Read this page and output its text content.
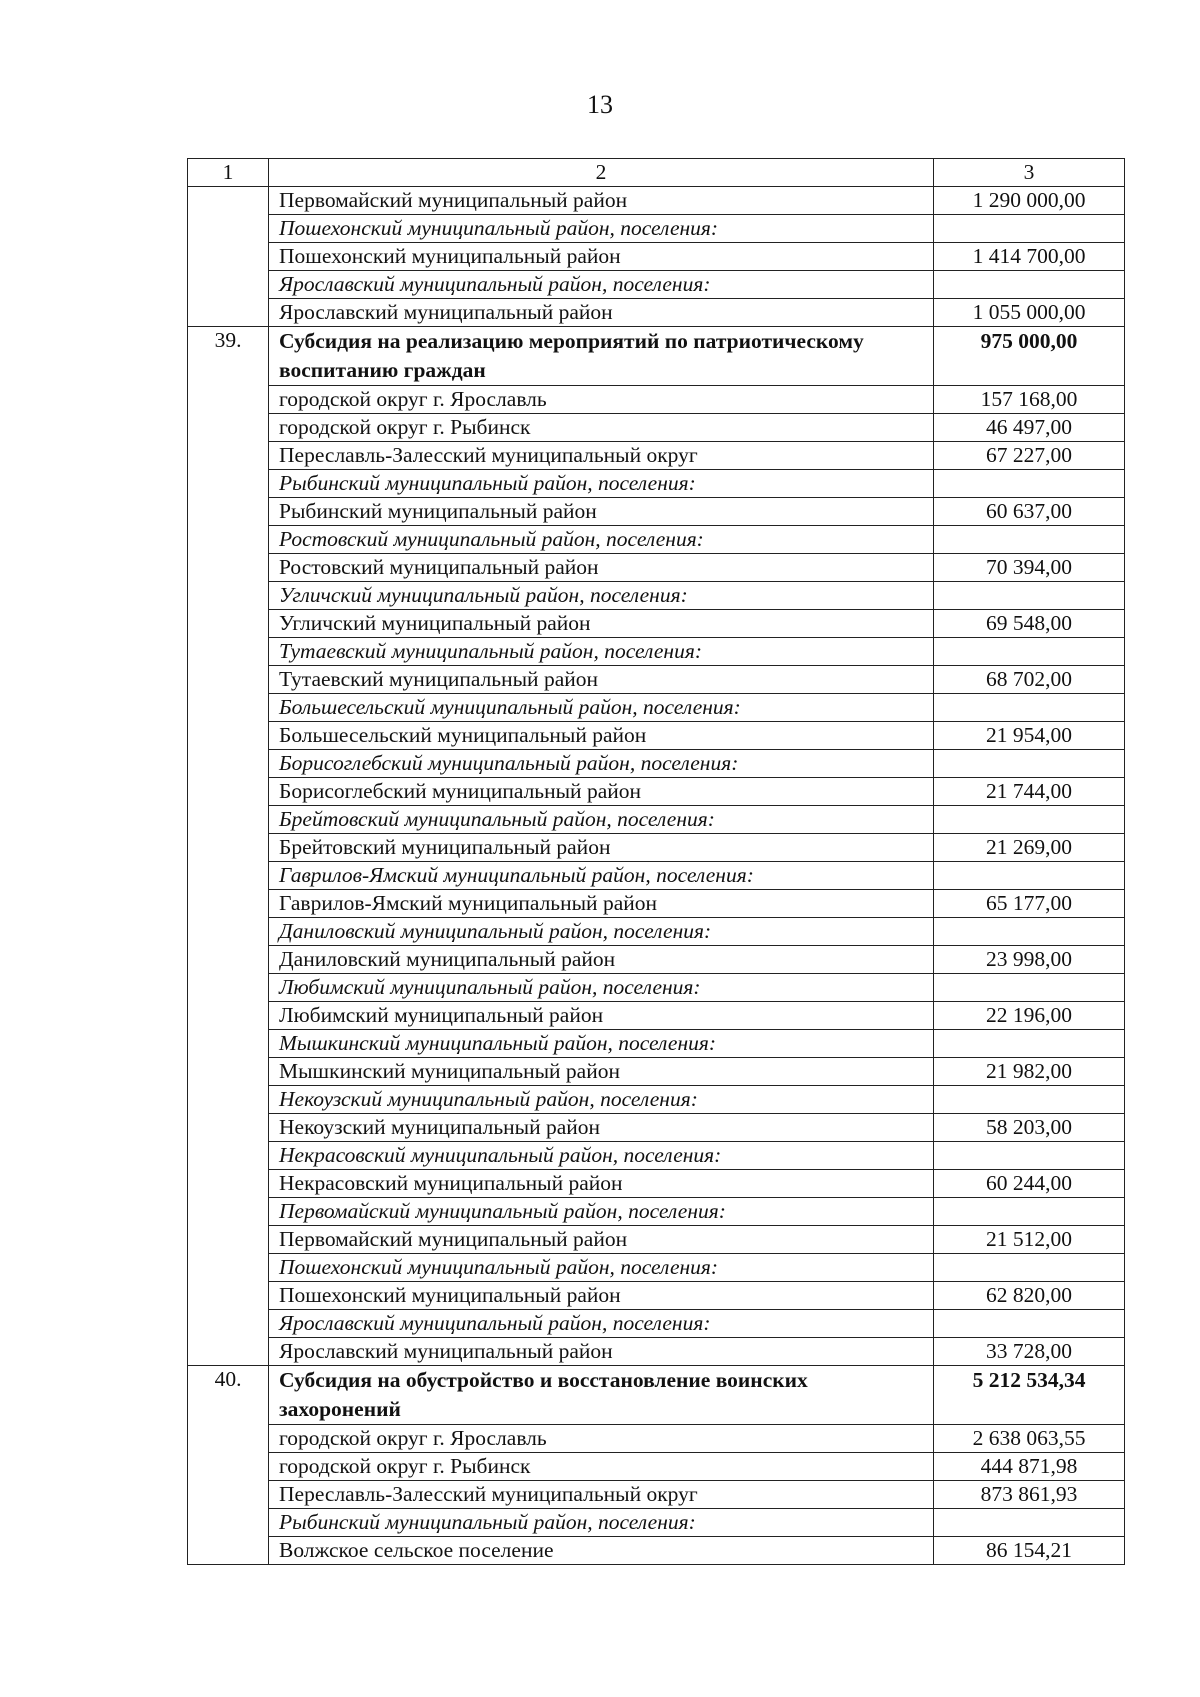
13
1	2	3
	Первомайский муниципальный район	1 290 000,00
	Пошехонский муниципальный район, поселения:	
	Пошехонский муниципальный район	1 414 700,00
	Ярославский муниципальный район, поселения:	
	Ярославский муниципальный район	1 055 000,00
39.	Субсидия на реализацию мероприятий по патриотическому воспитанию граждан	975 000,00
	городской округ г. Ярославль	157 168,00
	городской округ г. Рыбинск	46 497,00
	Переславль-Залесский муниципальный округ	67 227,00
	Рыбинский муниципальный район, поселения:	
	Рыбинский муниципальный район	60 637,00
	Ростовский муниципальный район, поселения:	
	Ростовский муниципальный район	70 394,00
	Угличский муниципальный район, поселения:	
	Угличский муниципальный район	69 548,00
	Тутаевский муниципальный район, поселения:	
	Тутаевский муниципальный район	68 702,00
	Большесельский муниципальный район, поселения:	
	Большесельский муниципальный район	21 954,00
	Борисоглебский муниципальный район, поселения:	
	Борисоглебский муниципальный район	21 744,00
	Брейтовский муниципальный район, поселения:	
	Брейтовский муниципальный район	21 269,00
	Гаврилов-Ямский муниципальный район, поселения:	
	Гаврилов-Ямский муниципальный район	65 177,00
	Даниловский муниципальный район, поселения:	
	Даниловский муниципальный район	23 998,00
	Любимский муниципальный район, поселения:	
	Любимский муниципальный район	22 196,00
	Мышкинский муниципальный район, поселения:	
	Мышкинский муниципальный район	21 982,00
	Некоузский муниципальный район, поселения:	
	Некоузский муниципальный район	58 203,00
	Некрасовский муниципальный район, поселения:	
	Некрасовский муниципальный район	60 244,00
	Первомайский муниципальный район, поселения:	
	Первомайский муниципальный район	21 512,00
	Пошехонский муниципальный район, поселения:	
	Пошехонский муниципальный район	62 820,00
	Ярославский муниципальный район, поселения:	
	Ярославский муниципальный район	33 728,00
40.	Субсидия на обустройство и восстановление воинских захоронений	5 212 534,34
	городской округ г. Ярославль	2 638 063,55
	городской округ г. Рыбинск	444 871,98
	Переславль-Залесский муниципальный округ	873 861,93
	Рыбинский муниципальный район, поселения:	
	Волжское сельское поселение	86 154,21
